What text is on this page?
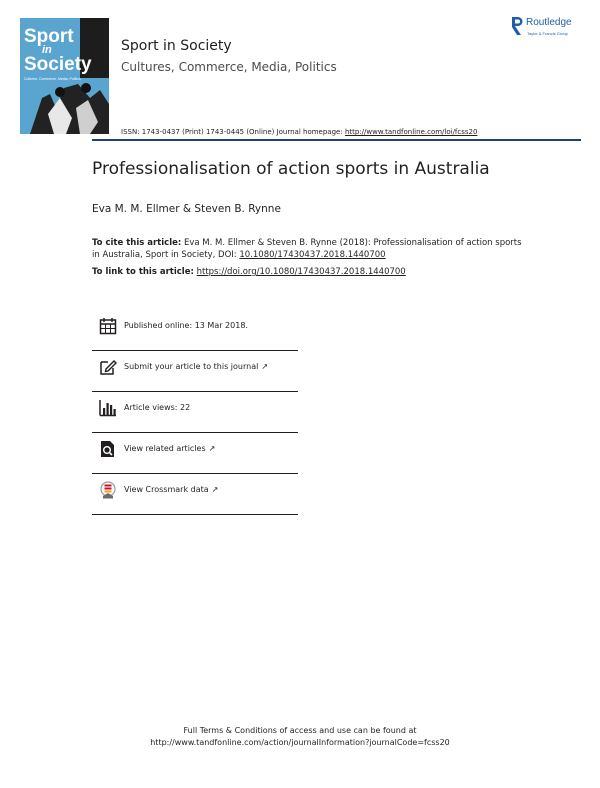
Sport
in
Society
Cultures, Commerce, Media, Politics
Sport in Society
Cultures, Commerce, Media, Politics
Routledge
Taylor & Francis Group
ISSN: 1743-0437 (Print) 1743-0445 (Online) Journal homepage: http://www.tandfonline.com/loi/fcss20
Professionalisation of action sports in Australia
Eva M. M. Ellmer & Steven B. Rynne
To cite this article: Eva M. M. Ellmer & Steven B. Rynne (2018): Professionalisation of action sports in Australia, Sport in Society, DOI: 10.1080/17430437.2018.1440700
To link to this article: https://doi.org/10.1080/17430437.2018.1440700
Published online: 13 Mar 2018.
Submit your article to this journal ↗
Article views: 22
View related articles ↗
View Crossmark data ↗
Full Terms & Conditions of access and use can be found at
http://www.tandfonline.com/action/journalInformation?journalCode=fcss20
